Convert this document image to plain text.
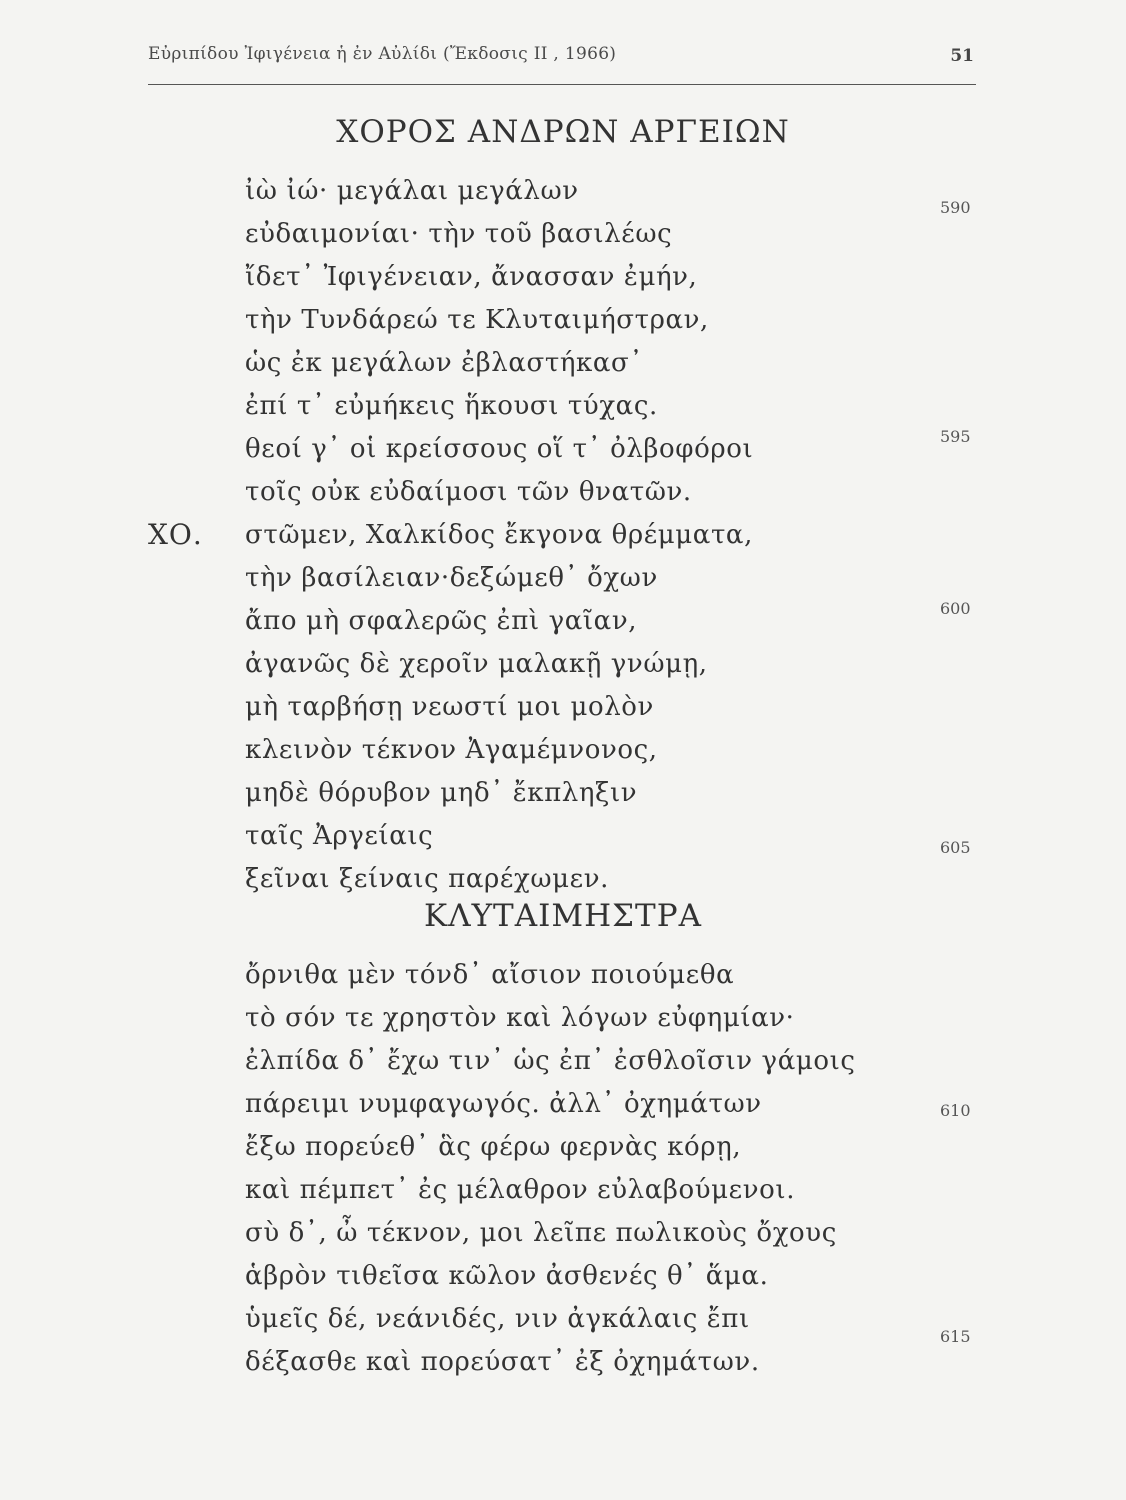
Εὐριπίδου Ἰφιγένεια ἡ ἐν Αὐλίδι (Ἔκδοσις ΙΙ , 1966)	51
ΧΟΡΟΣ ΑΝΔΡΩΝ ΑΡΓΕΙΩΝ
ἰὼ ἰώ· μεγάλαι μεγάλων
εὐδαιμονίαι· τὴν τοῦ βασιλέως
ἴδετ᾽ Ἰφιγένειαν, ἄνασσαν ἐμήν,
τὴν Τυνδάρεώ τε Κλυταιμήστραν,
ὡς ἐκ μεγάλων ἐβλαστήκασ᾽
ἐπί τ᾽ εὐμήκεις ἥκουσι τύχας.
θεοί γ᾽ οἱ κρείσσους οἵ τ᾽ ὀλβοφόροι
τοῖς οὐκ εὐδαίμοσι τῶν θνατῶν.
ΧΟ. στῶμεν, Χαλκίδος ἔκγονα θρέμματα,
τὴν βασίλειαν·δεξώμεθ᾽ ὄχων
ἄπο μὴ σφαλερῶς ἐπὶ γαῖαν,
ἀγανῶς δὲ χεροῖν μαλακῇ γνώμῃ,
μὴ ταρβήσῃ νεωστί μοι μολὸν
κλεινὸν τέκνον Ἀγαμέμνονος,
μηδὲ θόρυβον μηδ᾽ ἔκπληξιν
ταῖς Ἀργείαις
ξεῖναι ξείναις παρέχωμεν.
ΚΛΥΤΑΙΜΗΣΤΡΑ
ὄρνιθα μὲν τόνδ᾽ αἴσιον ποιούμεθα
τὸ σόν τε χρηστὸν καὶ λόγων εὐφημίαν·
ἐλπίδα δ᾽ ἔχω τιν᾽ ὡς ἐπ᾽ ἐσθλοῖσιν γάμοις
πάρειμι νυμφαγωγός. ἀλλ᾽ ὀχημάτων
ἔξω πορεύεθ᾽ ἃς φέρω φερνὰς κόρῃ,
καὶ πέμπετ᾽ ἐς μέλαθρον εὐλαβούμενοι.
σὺ δ᾽, ὦ τέκνον, μοι λεῖπε πωλικοὺς ὄχους
ἁβρὸν τιθεῖσα κῶλον ἀσθενές θ᾽ ἅμα.
ὑμεῖς δέ, νεάνιδές, νιν ἀγκάλαις ἔπι
δέξασθε καὶ πορεύσατ᾽ ἐξ ὀχημάτων.
590
595
600
605
610
615
